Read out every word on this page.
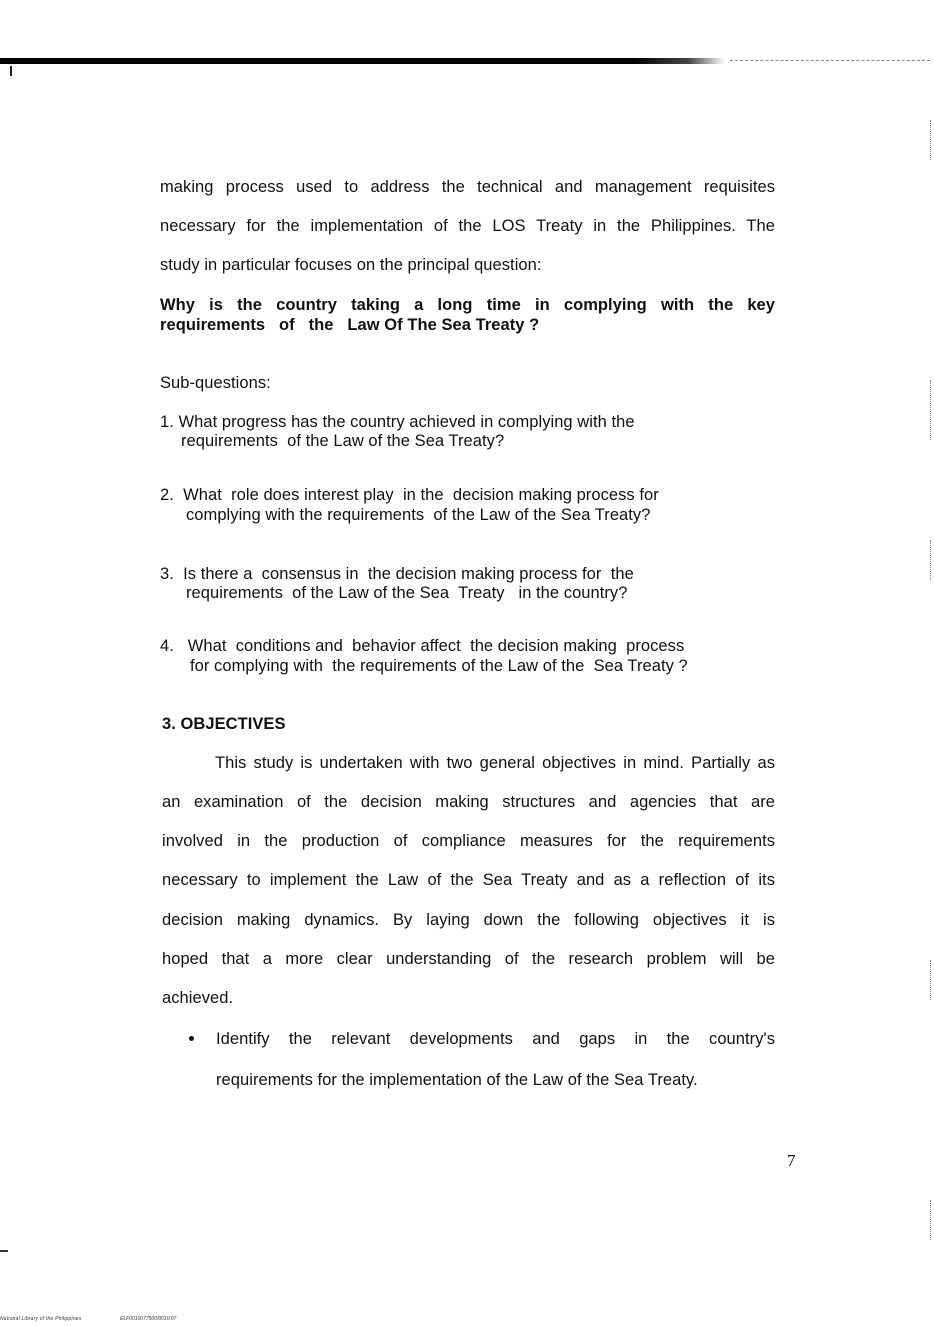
making process used to address the technical and management requisites
necessary for the implementation of the LOS Treaty in the Philippines. The
study in particular focuses on the principal question:
Why is the country taking a long time in complying with the key
requirements   of   the   Law Of The Sea Treaty ?
Sub-questions:
1. What progress has the country achieved in complying with the
requirements  of the Law of the Sea Treaty?
2.  What  role does interest play  in the  decision making process for
complying with the requirements  of the Law of the Sea Treaty?
3.  Is there a  consensus in  the decision making process for  the
requirements  of the Law of the Sea  Treaty   in the country?
4.   What  conditions and  behavior affect  the decision making  process
for complying with  the requirements of the Law of the  Sea Treaty ?
3. OBJECTIVES
This study is undertaken with two general objectives in mind. Partially as
an examination of the decision making structures and agencies that are
involved in the production of compliance measures for the requirements
necessary to implement the Law of the Sea Treaty and as a reflection of its
decision making dynamics. By laying down the following objectives it is
hoped that a more clear understanding of the research problem will be
achieved.
Identify the relevant developments and gaps in the country's
requirements for the implementation of the Law of the Sea Treaty.
7
National Library of the Philippines	ELF0010077500/0010.07
